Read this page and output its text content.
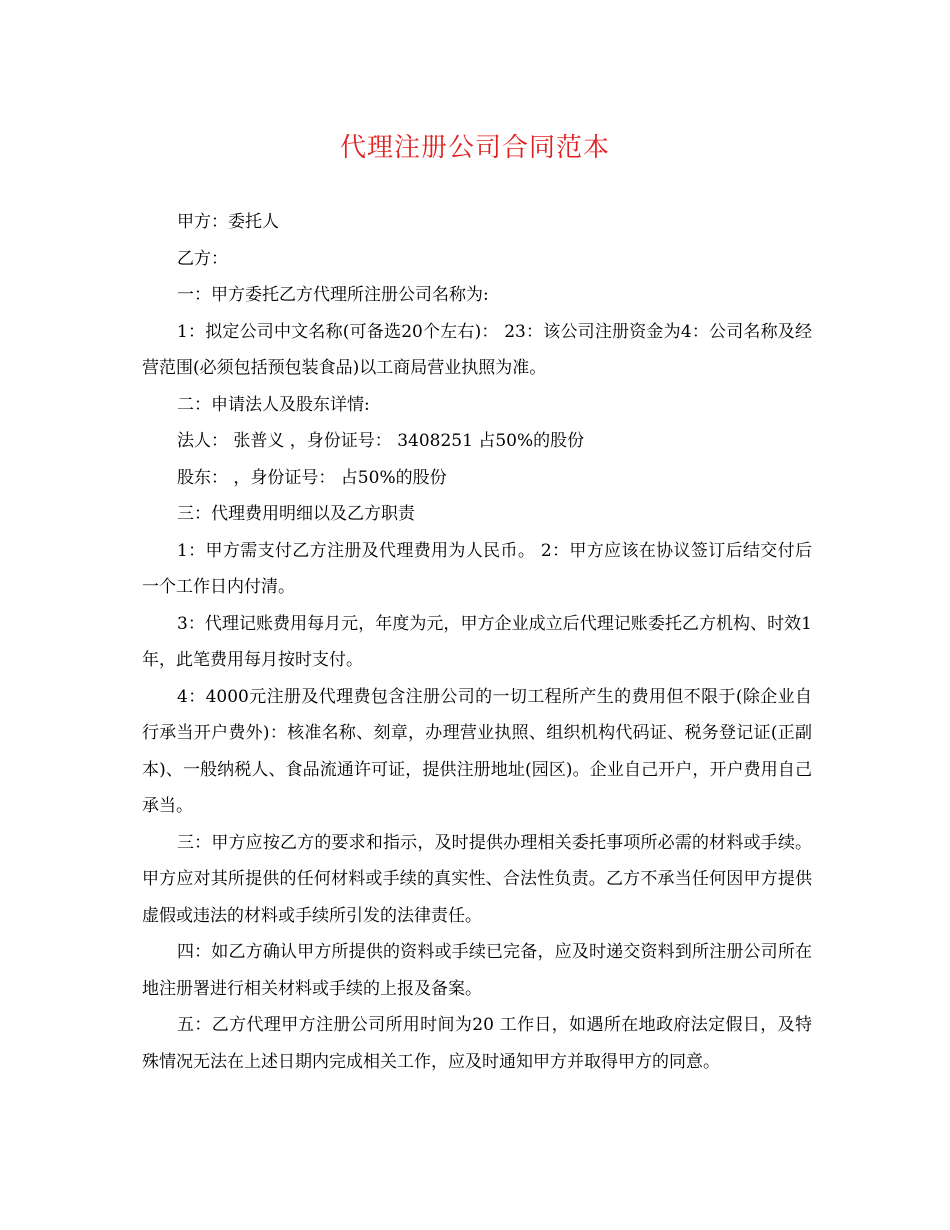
代理注册公司合同范本

甲方：委托人

乙方：

一：甲方委托乙方代理所注册公司名称为:

1：拟定公司中文名称(可备选20个左右)： 23：该公司注册资金为4：公司名称及经营范围(必须包括预包装食品)以工商局营业执照为准。

二：申请法人及股东详情:

法人： 张普义 ，身份证号： 3408251 占50%的股份

股东： ，身份证号： 占50%的股份

三：代理费用明细以及乙方职责

1：甲方需支付乙方注册及代理费用为人民币。 2：甲方应该在协议签订后结交付后一个工作日内付清。

3：代理记账费用每月元，年度为元，甲方企业成立后代理记账委托乙方机构、时效1年，此笔费用每月按时支付。

4：4000元注册及代理费包含注册公司的一切工程所产生的费用但不限于(除企业自行承当开户费外)：核准名称、刻章，办理营业执照、组织机构代码证、税务登记证(正副本)、一般纳税人、食品流通许可证，提供注册地址(园区)。企业自己开户，开户费用自己承当。

三：甲方应按乙方的要求和指示，及时提供办理相关委托事项所必需的材料或手续。甲方应对其所提供的任何材料或手续的真实性、合法性负责。乙方不承当任何因甲方提供虚假或违法的材料或手续所引发的法律责任。

四：如乙方确认甲方所提供的资料或手续已完备，应及时递交资料到所注册公司所在地注册署进行相关材料或手续的上报及备案。

五：乙方代理甲方注册公司所用时间为20 工作日，如遇所在地政府法定假日，及特殊情况无法在上述日期内完成相关工作，应及时通知甲方并取得甲方的同意。
